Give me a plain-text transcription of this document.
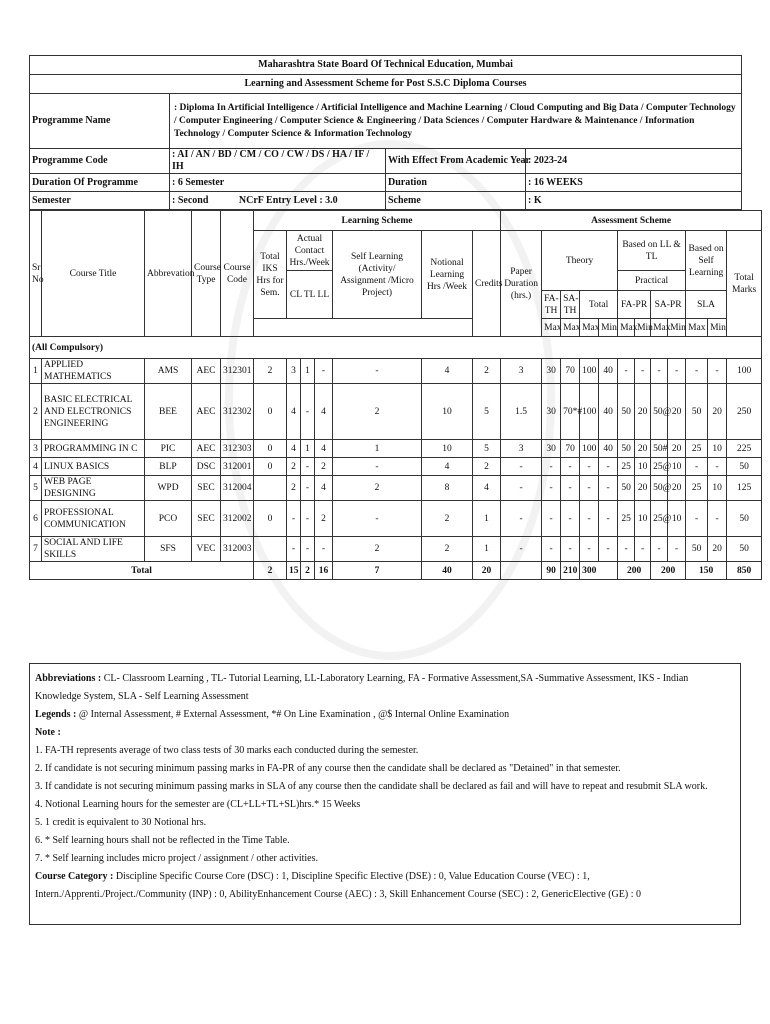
Maharashtra State Board Of Technical Education, Mumbai			
Learning and Assessment Scheme for Post S.S.C Diploma Courses			
Programme Name	: Diploma In Artificial Intelligence / Artificial Intelligence and Machine Learning / Cloud Computing and Big Data / Computer Technology / Computer Engineering / Computer Science & Engineering / Data Sciences / Computer Hardware & Maintenance / Information Technology / Computer Science & Information Technology		
Programme Code	: AI / AN / BD / CM / CO / CW / DS / HA / IF / IH	With Effect From Academic Year	: 2023-24
Duration Of Programme	: 6 Semester	Duration	: 16 WEEKS
Semester	: Second NCrF Entry Level : 3.0	Scheme	: K
Sr No	Course Title	Abbrevation	Course Type	Course Code	Learning Scheme							Assessment Scheme												
					Total IKS Hrs for Sem.	Actual Contact Hrs./Week			Self Learning (Activity/ Assignment /Micro Project)	Notional Learning Hrs /Week	Credits	Paper Duration (hrs.)	Theory				Based on LL & TL				Based on Self Learning		Total Marks	
						CL TL LL											Practical							
													FA-TH	SA-TH	Total		FA-PR		SA-PR		SLA			
													Max	Max	Max	Min	Max	Min	Max	Min	Max	Min		
(All Compulsory)																								
1	APPLIED MATHEMATICS	AMS	AEC	312301	2	3	1	-	-	4	2	3	30	70	100	40	-	-	-	-	-	-	100	
2	BASIC ELECTRICAL AND ELECTRONICS ENGINEERING	BEE	AEC	312302	0	4	-	4	2	10	5	1.5	30	70*#	100	40	50	20	50@	20	50	20	250	
3	PROGRAMMING IN C	PIC	AEC	312303	0	4	1	4	1	10	5	3	30	70	100	40	50	20	50#	20	25	10	225	
4	LINUX BASICS	BLP	DSC	312001	0	2	-	2	-	4	2	-	-	-	-	-	25	10	25@	10	-	-	50	
5	WEB PAGE DESIGNING	WPD	SEC	312004		2	-	4	2	8	4	-	-	-	-	-	50	20	50@	20	25	10	125	
6	PROFESSIONAL COMMUNICATION	PCO	SEC	312002	0	-	-	2	-	2	1	-	-	-	-	-	25	10	25@	10	-	-	50	
7	SOCIAL AND LIFE SKILLS	SFS	VEC	312003		-	-	-	2	2	1	-	-	-	-	-	-	-	-	-	50	20	50	
Total					2	15	2	16	7	40	20		90	210	300		200		200		150		850	

Abbreviations : CL- Classroom Learning , TL- Tutorial Learning, LL-Laboratory Learning, FA - Formative Assessment,SA -Summative Assessment, IKS - Indian Knowledge System, SLA - Self Learning Assessment

Legends : @ Internal Assessment, # External Assessment, *# On Line Examination , @$ Internal Online Examination

Note :

1. FA-TH represents average of two class tests of 30 marks each conducted during the semester.

2. If candidate is not securing minimum passing marks in FA-PR of any course then the candidate shall be declared as "Detained" in that semester.

3. If candidate is not securing minimum passing marks in SLA of any course then the candidate shall be declared as fail and will have to repeat and resubmit SLA work.

4. Notional Learning hours for the semester are (CL+LL+TL+SL)hrs.* 15 Weeks

5. 1 credit is equivalent to 30 Notional hrs.

6. * Self learning hours shall not be reflected in the Time Table.

7. * Self learning includes micro project / assignment / other activities.

Course Category : Discipline Specific Course Core (DSC) : 1, Discipline Specific Elective (DSE) : 0, Value Education Course (VEC) : 1, Intern./Apprenti./Project./Community (INP) : 0, AbilityEnhancement Course (AEC) : 3, Skill Enhancement Course (SEC) : 2, GenericElective (GE) : 0
